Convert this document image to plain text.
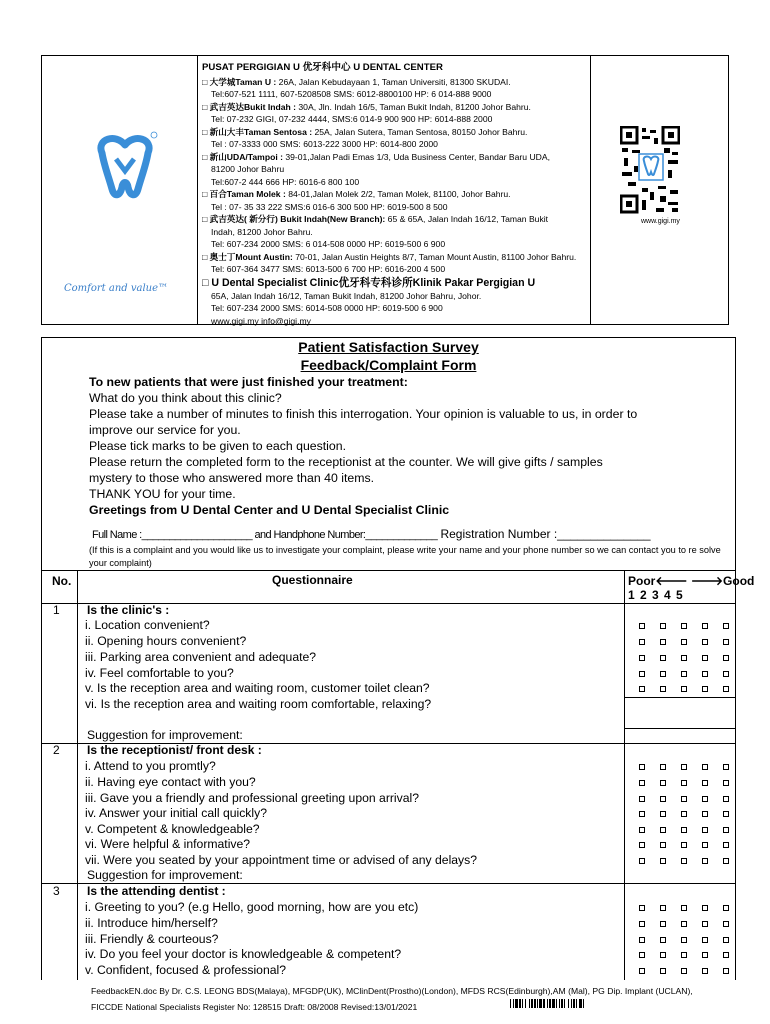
Comfort and value™
PUSAT PERGIGIAN U 优牙科中心 U DENTAL CENTER
□ 大学城Taman U : 26A, Jalan Kebudayaan 1, Taman Universiti, 81300 SKUDAI.
Tel:607-521 1111, 607-5208508 SMS: 6012-8800100 HP: 6 014-888 9000
□ 武吉英达Bukit Indah : 30A, Jln. Indah 16/5, Taman Bukit Indah, 81200 Johor Bahru.
Tel: 07-232 GIGI, 07-232 4444, SMS:6 014-9 900 900 HP: 6014-888 2000
□ 新山大丰Taman Sentosa : 25A, Jalan Sutera, Taman Sentosa, 80150 Johor Bahru.
Tel : 07-3333 000 SMS: 6013-222 3000 HP: 6014-800 2000
□ 新山UDA/Tampoi : 39-01,Jalan Padi Emas 1/3, Uda Business Center, Bandar Baru UDA,
81200 Johor Bahru
Tel:607-2 444 666 HP: 6016-6 800 100
□ 百合Taman Molek : 84-01,Jalan Molek 2/2, Taman Molek, 81100, Johor Bahru.
Tel : 07- 35 33 222 SMS:6 016-6 300 500 HP: 6019-500 8 500
□ 武吉英达( 新分行) Bukit Indah(New Branch): 65 & 65A, Jalan Indah 16/12, Taman Bukit
Indah, 81200 Johor Bahru.
Tel: 607-234 2000 SMS: 6 014-508 0000 HP: 6019-500 6 900
□ 奥士丁Mount Austin: 70-01, Jalan Austin Heights 8/7, Taman Mount Austin, 81100 Johor Bahru.
Tel: 607-364 3477 SMS: 6013-500 6 700 HP: 6016-200 4 500
□ U Dental Specialist Clinic优牙科专科诊所Klinik Pakar Pergigian U
65A, Jalan Indah 16/12, Taman Bukit Indah, 81200 Johor Bahru, Johor.
Tel: 607-234 2000 SMS: 6014-508 0000 HP: 6019-500 6 900
www.gigi.my info@gigi.my
www.gigi.my
Patient Satisfaction Survey
Feedback/Complaint Form
To new patients that were just finished your treatment:
What do you think about this clinic?
Please take a number of minutes to finish this interrogation. Your opinion is valuable to us, in order to
improve our service for you.
Please tick marks to be given to each question.
Please return the completed form to the receptionist at the counter. We will give gifts / samples
mystery to those who answered more than 40 items.
THANK YOU for your time.
Greetings from U Dental Center and U Dental Specialist Clinic
Full Name :____________________ and Handphone Number:_____________ Registration Number :______________
(If this is a complaint and you would like us to investigate your complaint, please write your name and your phone number so we can contact you to re solve your complaint)
No.	Questionnaire	Poor🡐 🡒Good
1 2 3 4 5
1 Is the clinic's :
i. Location convenient?
ii. Opening hours convenient?
iii. Parking area convenient and adequate?
iv. Feel comfortable to you?
v. Is the reception area and waiting room, customer toilet clean?
vi. Is the reception area and waiting room comfortable, relaxing?
Suggestion for improvement:
2 Is the receptionist/ front desk :
i. Attend to you promtly?
ii. Having eye contact with you?
iii. Gave you a friendly and professional greeting upon arrival?
iv. Answer your initial call quickly?
v. Competent & knowledgeable?
vi. Were helpful & informative?
vii. Were you seated by your appointment time or advised of any delays?
Suggestion for improvement:
3 Is the attending dentist :
i. Greeting to you? (e.g Hello, good morning, how are you etc)
ii. Introduce him/herself?
iii. Friendly & courteous?
iv. Do you feel your doctor is knowledgeable & competent?
v. Confident, focused & professional?
FeedbackEN.doc By Dr. C.S. LEONG BDS(Malaya), MFGDP(UK), MClinDent(Prostho)(London), MFDS RCS(Edinburgh),AM (Mal), PG Dip. Implant (UCLAN),
FICCDE National Specialists Register No: 128515 Draft: 08/2008 Revised:13/01/2021
